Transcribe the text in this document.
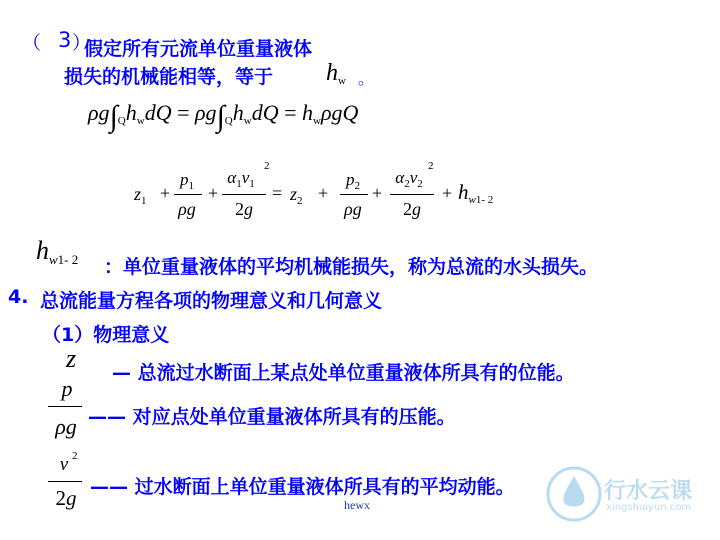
（ 3 ）
假定所有元流单位重量液体
损失的机械能相等，等于 $h_w$ 。
$\rho g\int_Qh_wdQ = \rho g\int_Qh_wdQ = h_w\rho gQ$
$z_1$ +
$p_1$
ρg
+
$\alpha_1v_1$
2
2g
= $z_2$ +
$p_2$
ρg
+
$\alpha_2v_2$
2
2g
+ $h_{w1- 2}$
hw1- 2 ：单位重量液体的平均机械能损失，称为总流的水头损失。
4. 总流能量方程各项的物理意义和几何意义
（1）物理意义
z — 总流过水断面上某点处单位重量液体所具有的位能。
p
ρg —— 对应点处单位重量液体所具有的压能。
v 2
2g —— 过水断面上单位重量液体所具有的平均动能。	行水云课
xingshuiyun.com
hewx
